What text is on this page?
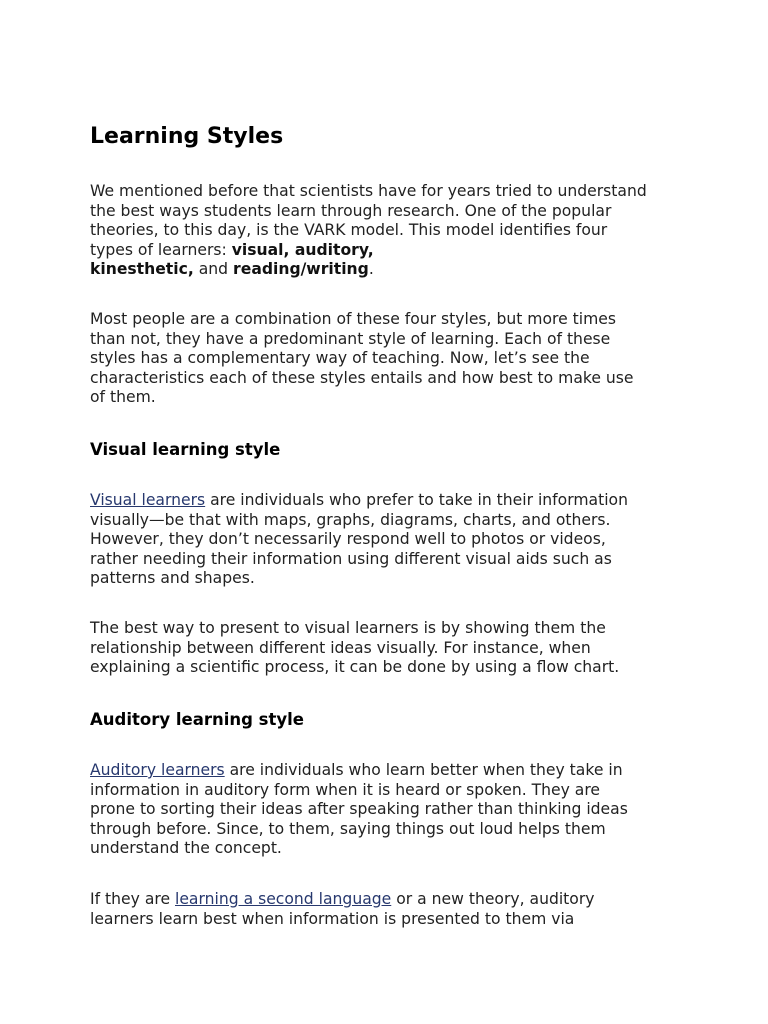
Learning Styles

We mentioned before that scientists have for years tried to understand
the best ways students learn through research. One of the popular
theories, to this day, is the VARK model. This model identifies four
types of learners: visual, auditory,
kinesthetic, and reading/writing.

Most people are a combination of these four styles, but more times
than not, they have a predominant style of learning. Each of these
styles has a complementary way of teaching. Now, let’s see the
characteristics each of these styles entails and how best to make use
of them.

Visual learning style

Visual learners are individuals who prefer to take in their information
visually—be that with maps, graphs, diagrams, charts, and others.
However, they don’t necessarily respond well to photos or videos,
rather needing their information using different visual aids such as
patterns and shapes.

The best way to present to visual learners is by showing them the
relationship between different ideas visually. For instance, when
explaining a scientific process, it can be done by using a flow chart.

Auditory learning style

Auditory learners are individuals who learn better when they take in
information in auditory form when it is heard or spoken. They are
prone to sorting their ideas after speaking rather than thinking ideas
through before. Since, to them, saying things out loud helps them
understand the concept.

If they are learning a second language or a new theory, auditory
learners learn best when information is presented to them via
